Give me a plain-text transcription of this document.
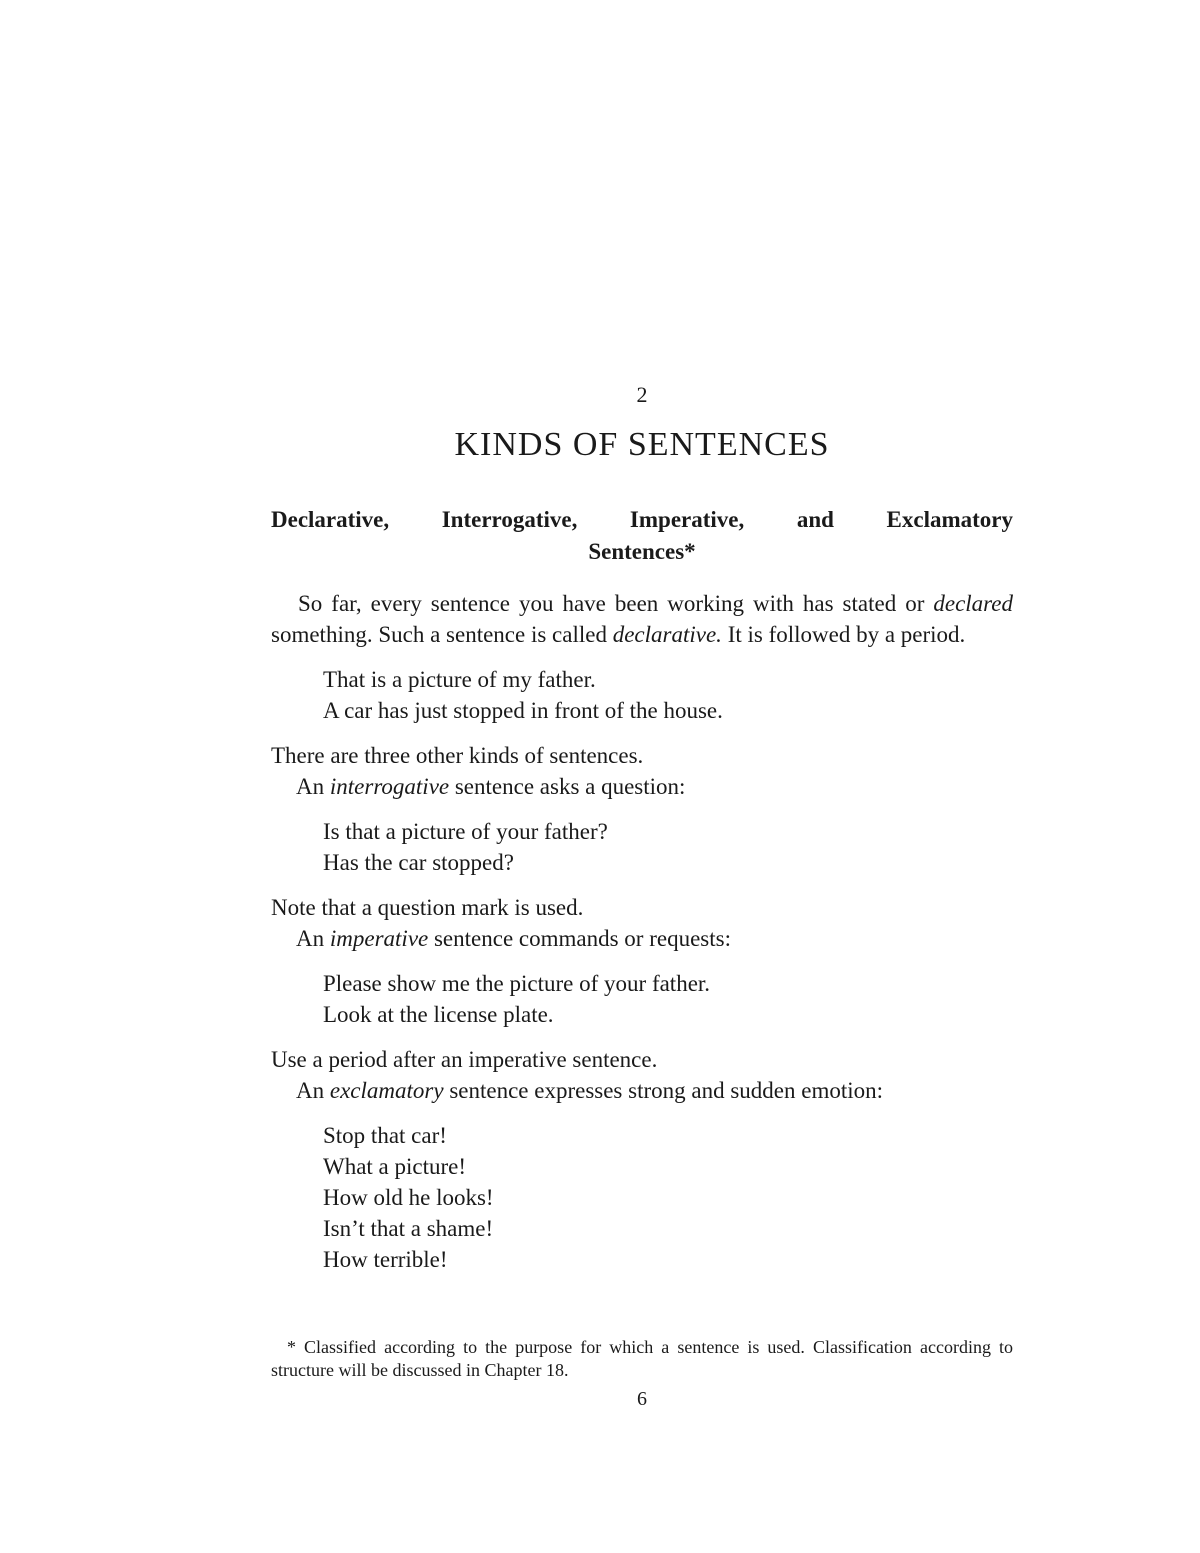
2
KINDS OF SENTENCES
Declarative, Interrogative, Imperative, and Exclamatory
Sentences*

So far, every sentence you have been working with has stated or declared something. Such a sentence is called declarative. It is followed by a period.

That is a picture of my father.
A car has just stopped in front of the house.

There are three other kinds of sentences.

An interrogative sentence asks a question:

Is that a picture of your father?
Has the car stopped?

Note that a question mark is used.

An imperative sentence commands or requests:

Please show me the picture of your father.
Look at the license plate.

Use a period after an imperative sentence.

An exclamatory sentence expresses strong and sudden emotion:

Stop that car!
What a picture!
How old he looks!
Isn’t that a shame!
How terrible!

* Classified according to the purpose for which a sentence is used. Classification according to structure will be discussed in Chapter 18.

6
